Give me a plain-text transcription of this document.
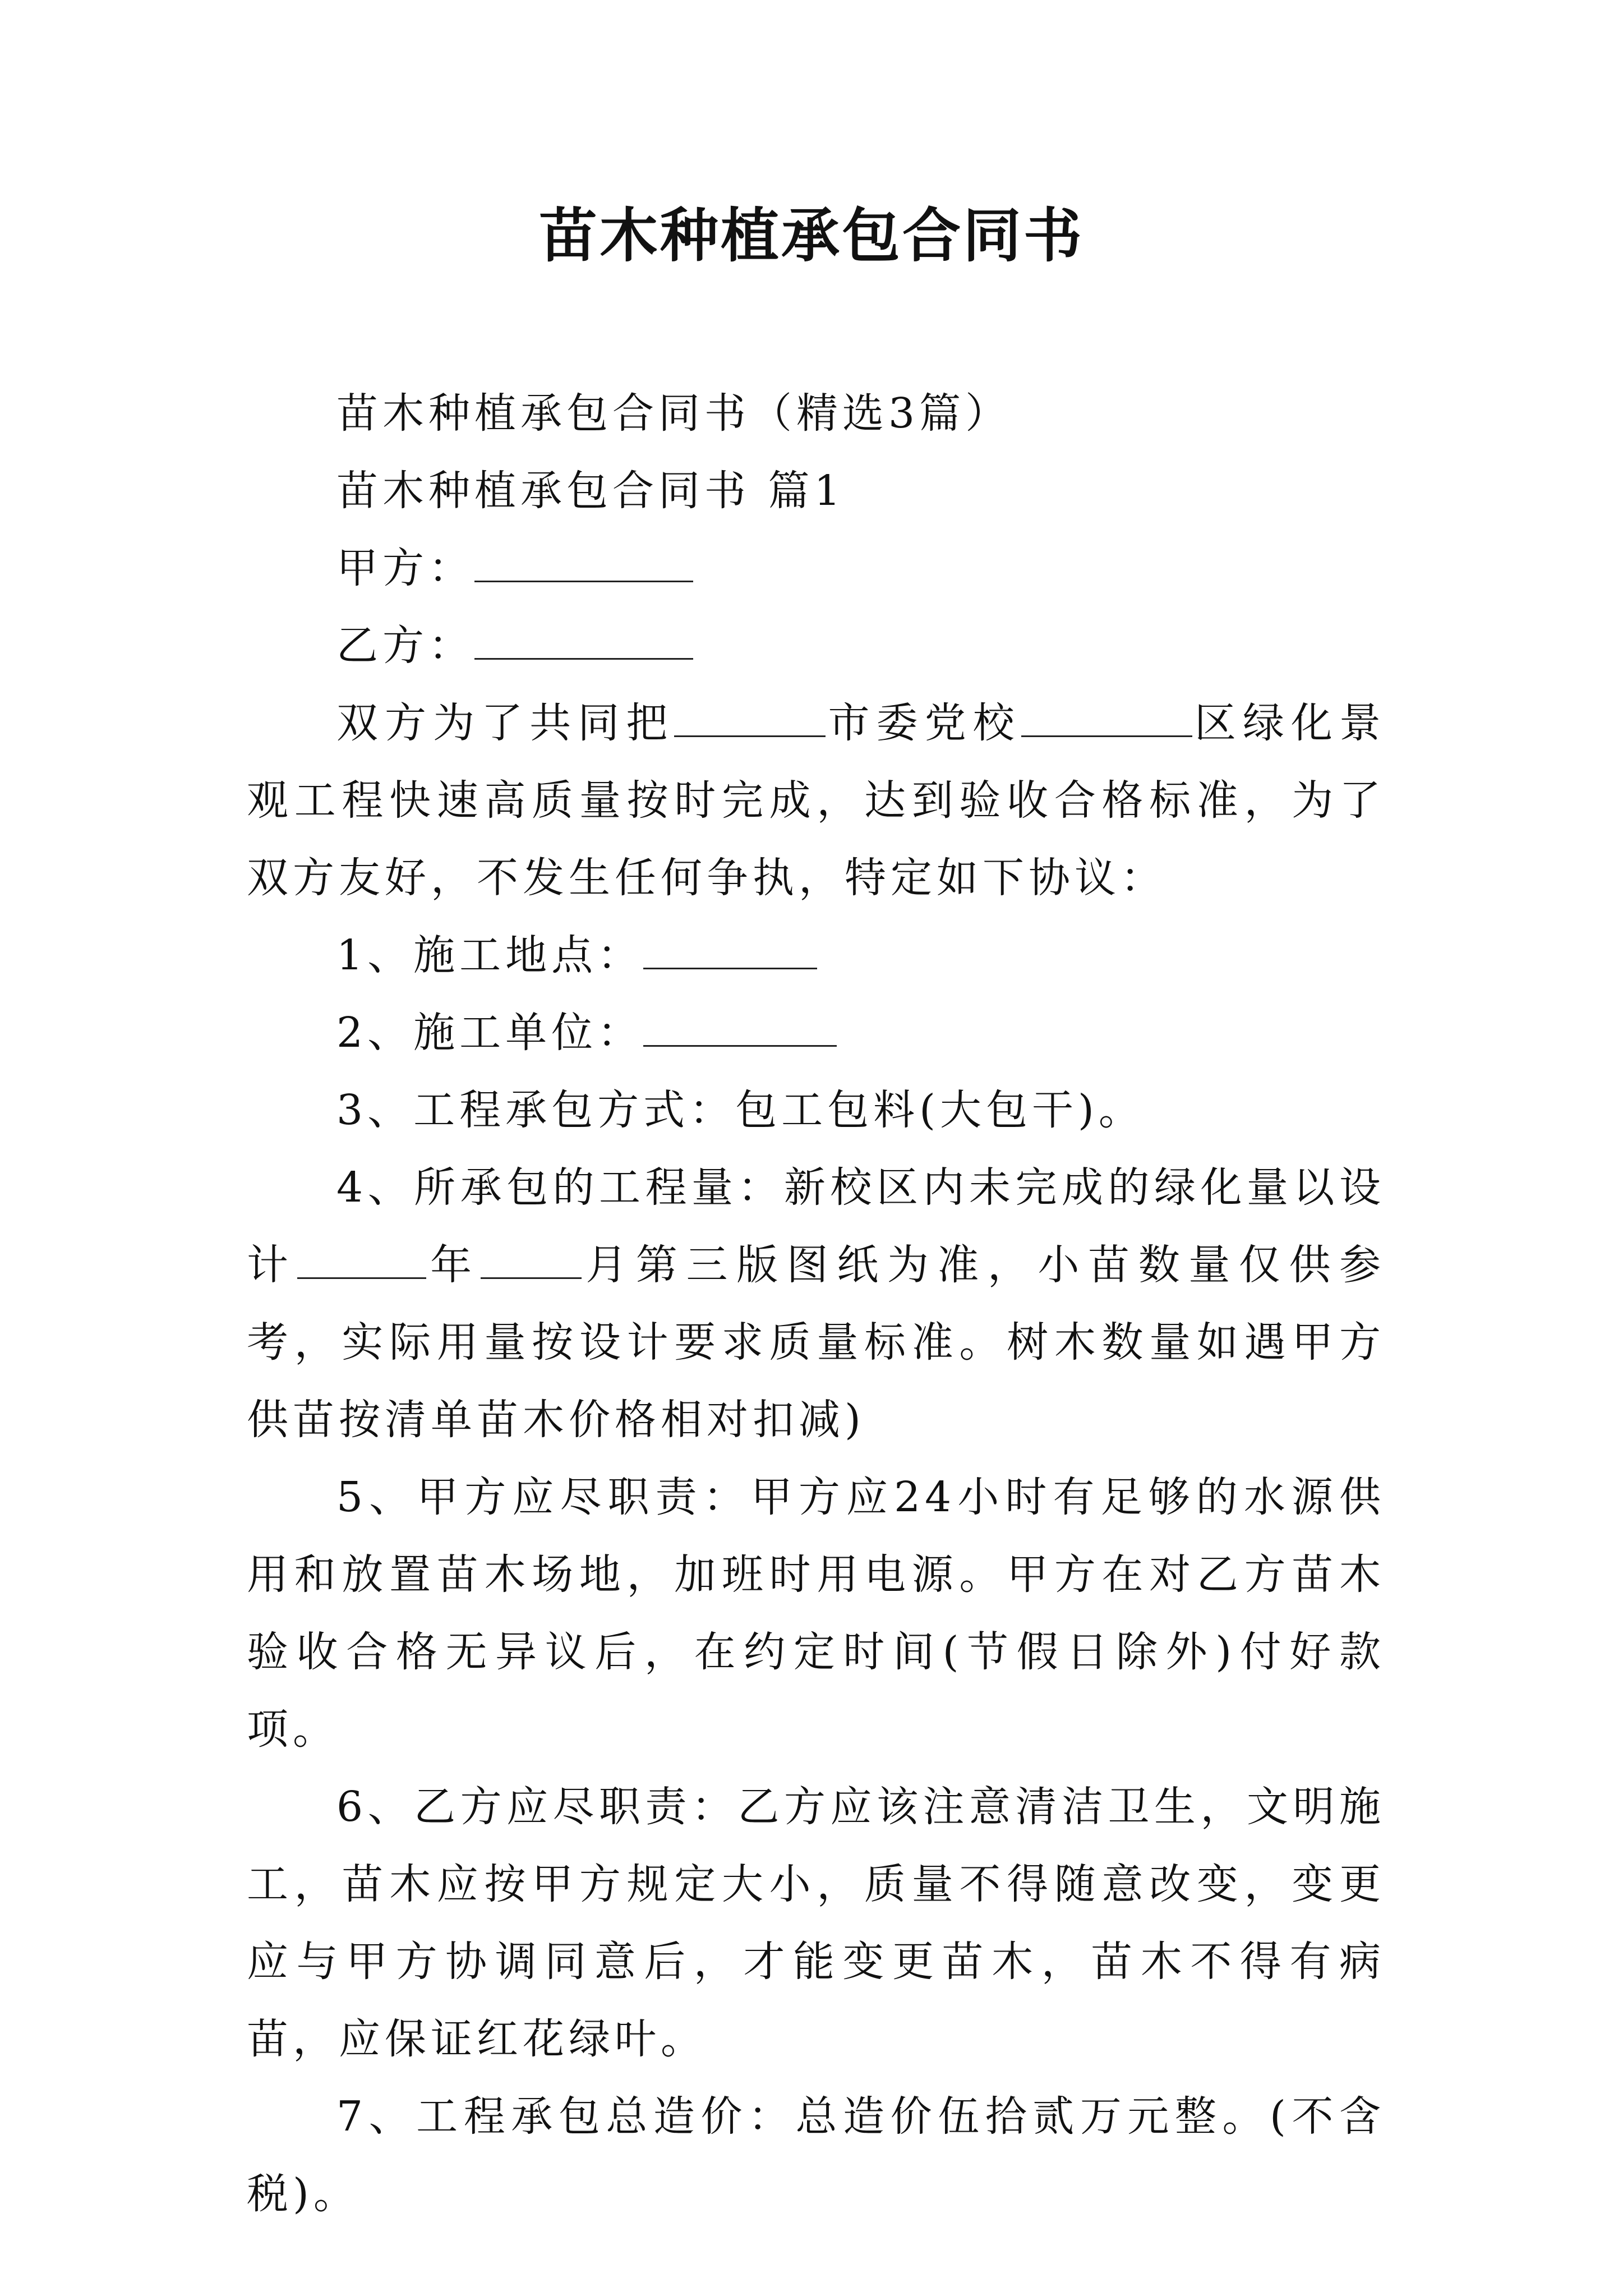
苗木种植承包合同书

苗木种植承包合同书（精选3篇）

苗木种植承包合同书 篇1

甲方：

乙方：

双方为了共同把	市委党校	区绿化景观工程快速高质量按时完成，达到验收合格标准，为了双方友好，不发生任何争执，特定如下协议：

1、施工地点：

2、施工单位：

3、工程承包方式：包工包料(大包干)。

4、所承包的工程量：新校区内未完成的绿化量以设计	年 月第三版图纸为准，小苗数量仅供参考，实际用量按设计要求质量标准。树木数量如遇甲方供苗按清单苗木价格相对扣减)

5、甲方应尽职责：甲方应24小时有足够的水源供用和放置苗木场地，加班时用电源。甲方在对乙方苗木验收合格无异议后，在约定时间(节假日除外)付好款项。

6、乙方应尽职责：乙方应该注意清洁卫生，文明施工，苗木应按甲方规定大小，质量不得随意改变，变更应与甲方协调同意后，才能变更苗木，苗木不得有病苗，应保证红花绿叶。

7、工程承包总造价：总造价伍拾贰万元整。(不含税)。
